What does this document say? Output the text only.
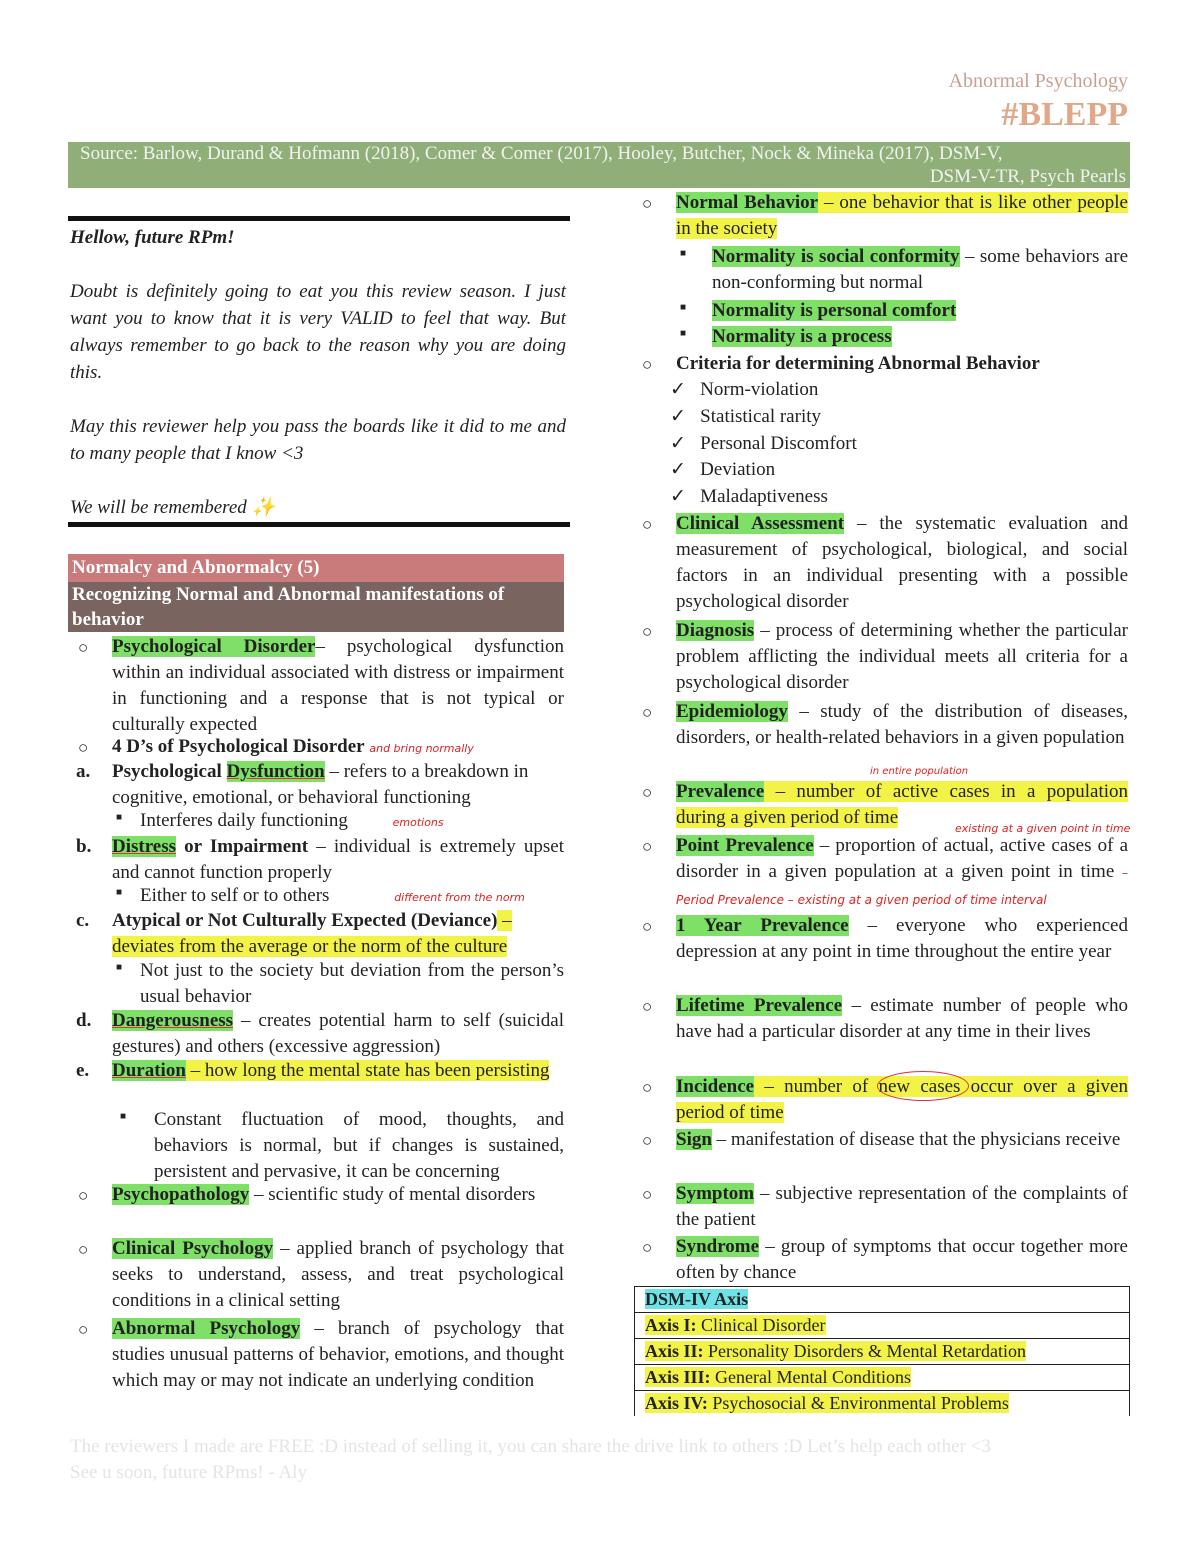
Abnormal Psychology
#BLEPP
Source: Barlow, Durand & Hofmann (2018), Comer & Comer (2017), Hooley, Butcher, Nock & Mineka (2017), DSM-V,
DSM-V-TR, Psych Pearls
Hellow, future RPm!
Doubt is definitely going to eat you this review season. I just want you to know that it is very VALID to feel that way. But always remember to go back to the reason why you are doing this.
May this reviewer help you pass the boards like it did to me and to many people that I know <3
We will be remembered ✨
Normalcy and Abnormalcy (5)
Recognizing Normal and Abnormal manifestations of behavior
○ Psychological Disorder– psychological dysfunction within an individual associated with distress or impairment in functioning and a response that is not typical or culturally expected
○ 4 D’s of Psychological Disorder and bring normally
a. Psychological Dysfunction – refers to a breakdown in cognitive, emotional, or behavioral functioning
■ Interferes daily functioning	emotions
b. Distress or Impairment – individual is extremely upset and cannot function properly
■ Either to self or to others	different from the norm
c. Atypical or Not Culturally Expected (Deviance) – deviates from the average or the norm of the culture
■ Not just to the society but deviation from the person’s usual behavior
d. Dangerousness – creates potential harm to self (suicidal gestures) and others (excessive aggression)
e. Duration – how long the mental state has been persisting
■ Constant fluctuation of mood, thoughts, and behaviors is normal, but if changes is sustained, persistent and pervasive, it can be concerning
○ Psychopathology – scientific study of mental disorders
○ Clinical Psychology – applied branch of psychology that seeks to understand, assess, and treat psychological conditions in a clinical setting
○ Abnormal Psychology – branch of psychology that studies unusual patterns of behavior, emotions, and thought which may or may not indicate an underlying condition
○ Normal Behavior – one behavior that is like other people in the society
■ Normality is social conformity – some behaviors are non-conforming but normal
■ Normality is personal comfort
■ Normality is a process
○ Criteria for determining Abnormal Behavior
✓ Norm-violation
✓ Statistical rarity
✓ Personal Discomfort
✓ Deviation
✓ Maladaptiveness
○ Clinical Assessment – the systematic evaluation and measurement of psychological, biological, and social factors in an individual presenting with a possible psychological disorder
○ Diagnosis – process of determining whether the particular problem afflicting the individual meets all criteria for a psychological disorder
○ Epidemiology – study of the distribution of diseases, disorders, or health-related behaviors in a given population
in entire population
○ Prevalence – number of active cases in a population during a given period of time
existing at a given point in time
○ Point Prevalence – proportion of actual, active cases of a disorder in a given population at a given point in time – Period Prevalence – existing at a given period of time interval
○ 1 Year Prevalence – everyone who experienced depression at any point in time throughout the entire year
○ Lifetime Prevalence – estimate number of people who have had a particular disorder at any time in their lives
○ Incidence – number of new cases occur over a given period of time
○ Sign – manifestation of disease that the physicians receive
○ Symptom – subjective representation of the complaints of the patient
○ Syndrome – group of symptoms that occur together more often by chance
DSM-IV Axis
Axis I: Clinical Disorder
Axis II: Personality Disorders & Mental Retardation
Axis III: General Mental Conditions
Axis IV: Psychosocial & Environmental Problems
The reviewers I made are FREE :D instead of selling it, you can share the drive link to others :D Let’s help each other <3
See u soon, future RPms! - Aly
